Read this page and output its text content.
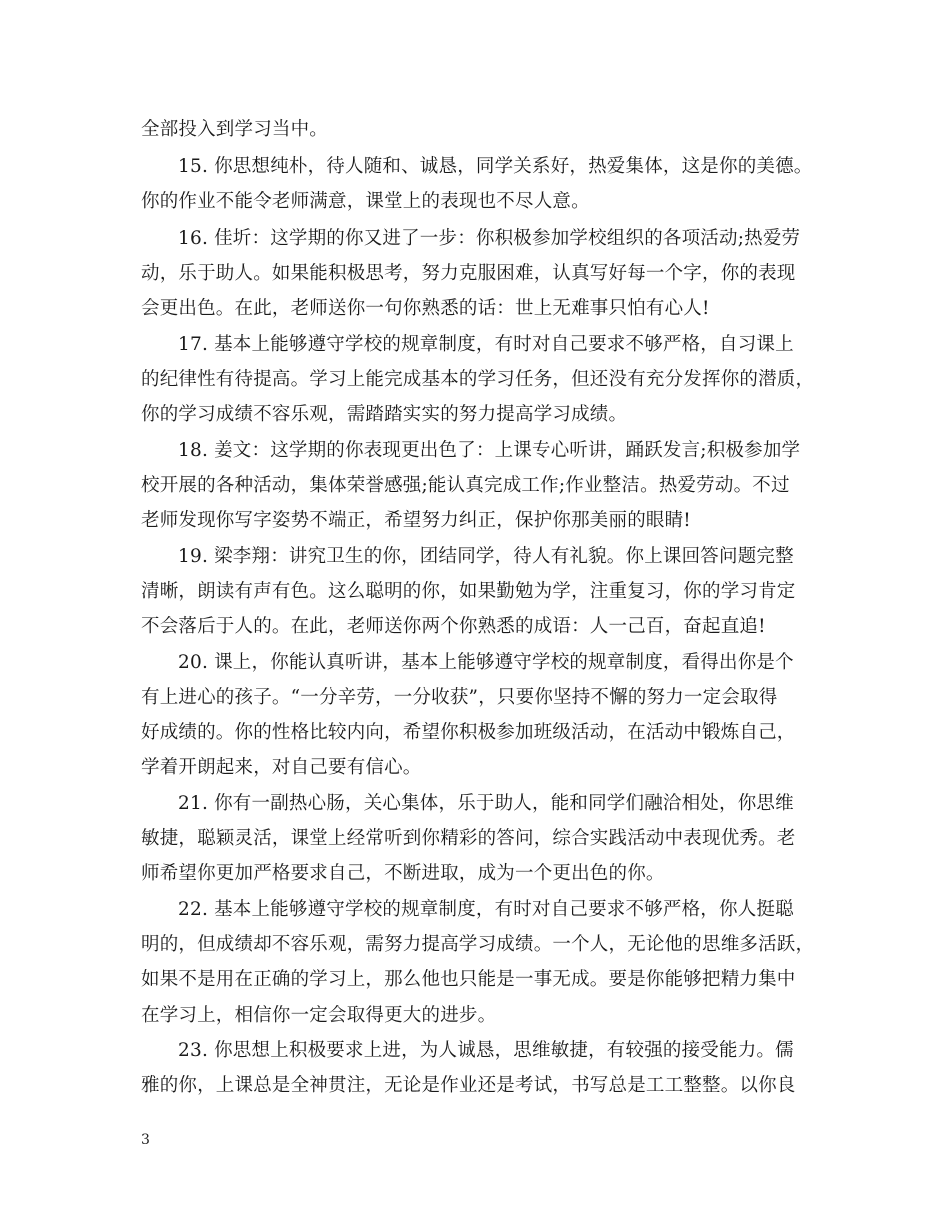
全部投入到学习当中。
15. 你思想纯朴，待人随和、诚恳，同学关系好，热爱集体，这是你的美德。
你的作业不能令老师满意，课堂上的表现也不尽人意。
16. 佳圻：这学期的你又进了一步：你积极参加学校组织的各项活动;热爱劳
动，乐于助人。如果能积极思考，努力克服困难，认真写好每一个字，你的表现
会更出色。在此，老师送你一句你熟悉的话：世上无难事只怕有心人!
17. 基本上能够遵守学校的规章制度，有时对自己要求不够严格，自习课上
的纪律性有待提高。学习上能完成基本的学习任务，但还没有充分发挥你的潜质，
你的学习成绩不容乐观，需踏踏实实的努力提高学习成绩。
18. 姜文：这学期的你表现更出色了：上课专心听讲，踊跃发言;积极参加学
校开展的各种活动，集体荣誉感强;能认真完成工作;作业整洁。热爱劳动。不过
老师发现你写字姿势不端正，希望努力纠正，保护你那美丽的眼睛!
19. 梁李翔：讲究卫生的你，团结同学，待人有礼貌。你上课回答问题完整
清晰，朗读有声有色。这么聪明的你，如果勤勉为学，注重复习，你的学习肯定
不会落后于人的。在此，老师送你两个你熟悉的成语：人一己百，奋起直追!
20. 课上，你能认真听讲，基本上能够遵守学校的规章制度，看得出你是个
有上进心的孩子。“一分辛劳，一分收获”，只要你坚持不懈的努力一定会取得
好成绩的。你的性格比较内向，希望你积极参加班级活动，在活动中锻炼自己，
学着开朗起来，对自己要有信心。
21. 你有一副热心肠，关心集体，乐于助人，能和同学们融洽相处，你思维
敏捷，聪颖灵活，课堂上经常听到你精彩的答问，综合实践活动中表现优秀。老
师希望你更加严格要求自己，不断进取，成为一个更出色的你。
22. 基本上能够遵守学校的规章制度，有时对自己要求不够严格，你人挺聪
明的，但成绩却不容乐观，需努力提高学习成绩。一个人，无论他的思维多活跃，
如果不是用在正确的学习上，那么他也只能是一事无成。要是你能够把精力集中
在学习上，相信你一定会取得更大的进步。
23. 你思想上积极要求上进，为人诚恳，思维敏捷，有较强的接受能力。儒
雅的你，上课总是全神贯注，无论是作业还是考试，书写总是工工整整。以你良
3
